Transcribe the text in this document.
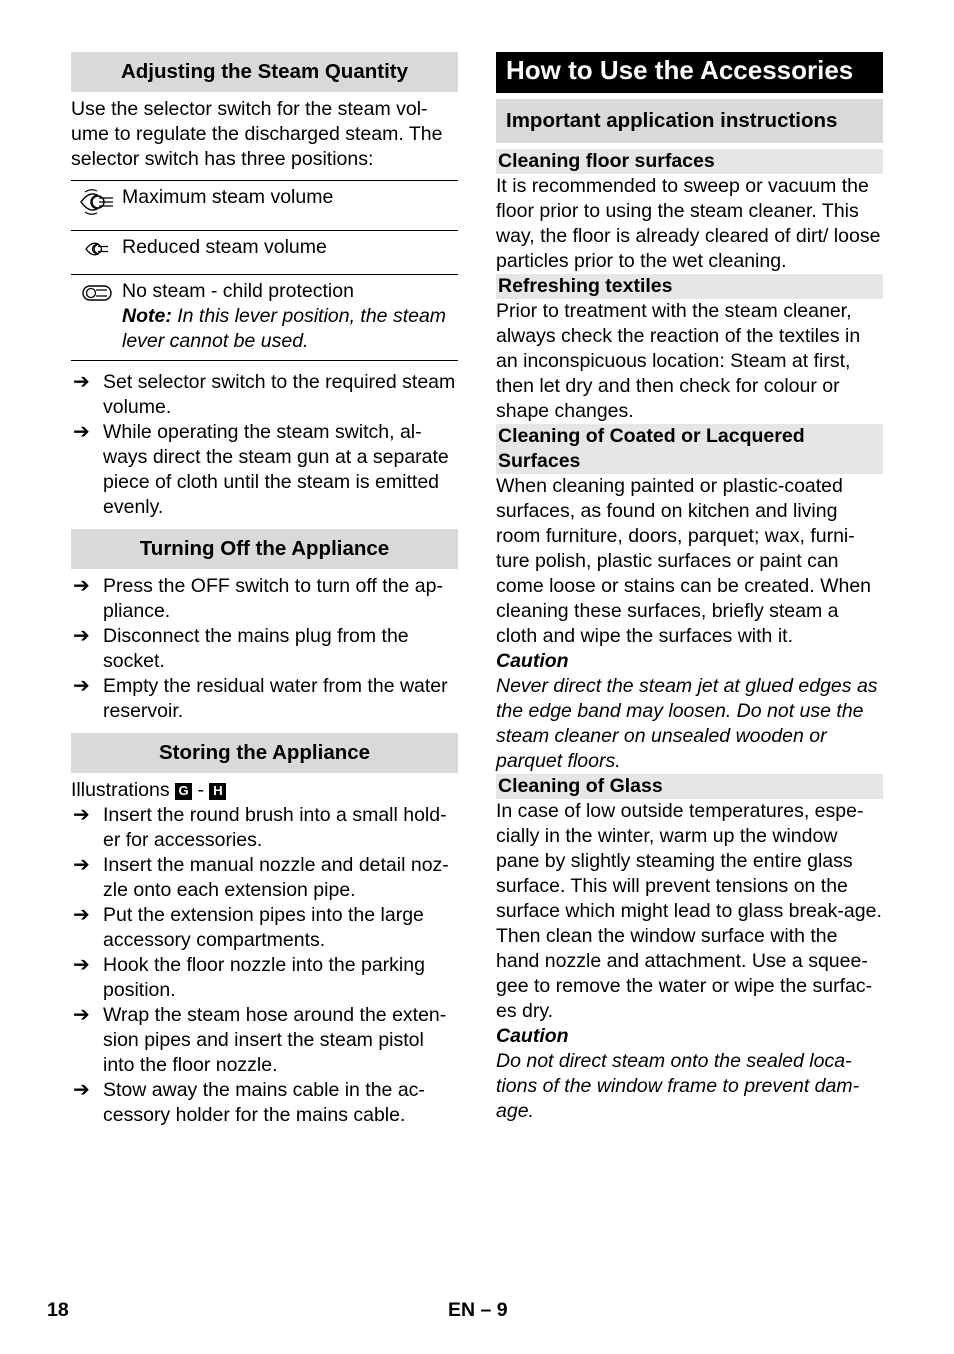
Adjusting the Steam Quantity

Use the selector switch for the steam vol-ume to regulate the discharged steam. The selector switch has three positions:

	Maximum steam volume
	Reduced steam volume

No steam - child protection
Note: In this lever position, the steam lever cannot be used.
➔ Set selector switch to the required steam volume.
➔ While operating the steam switch, al-ways direct the steam gun at a separate piece of cloth until the steam is emitted evenly.
Turning Off the Appliance
➔ Press the OFF switch to turn off the ap-pliance.
➔ Disconnect the mains plug from the socket.
➔ Empty the residual water from the water reservoir.
Storing the Appliance

Illustrations G - H

➔ Insert the round brush into a small hold-er for accessories.
➔ Insert the manual nozzle and detail noz-zle onto each extension pipe.
➔ Put the extension pipes into the large accessory compartments.
➔ Hook the floor nozzle into the parking position.
➔ Wrap the steam hose around the exten-sion pipes and insert the steam pistol into the floor nozzle.
➔ Stow away the mains cable in the ac-cessory holder for the mains cable.
How to Use the Accessories
Important application instructions
Cleaning floor surfaces

It is recommended to sweep or vacuum the floor prior to using the steam cleaner. This way, the floor is already cleared of dirt/ loose particles prior to the wet cleaning.

Refreshing textiles

Prior to treatment with the steam cleaner, always check the reaction of the textiles in an inconspicuous location: Steam at first, then let dry and then check for colour or shape changes.

Cleaning of Coated or Lacquered Surfaces

When cleaning painted or plastic-coated surfaces, as found on kitchen and living room furniture, doors, parquet; wax, furni-ture polish, plastic surfaces or paint can come loose or stains can be created. When cleaning these surfaces, briefly steam a cloth and wipe the surfaces with it.

Caution

Never direct the steam jet at glued edges as the edge band may loosen. Do not use the steam cleaner on unsealed wooden or parquet floors.

Cleaning of Glass

In case of low outside temperatures, espe-cially in the winter, warm up the window pane by slightly steaming the entire glass surface. This will prevent tensions on the surface which might lead to glass break-age.

Then clean the window surface with the hand nozzle and attachment. Use a squee-gee to remove the water or wipe the surfac-es dry.

Caution

Do not direct steam onto the sealed loca-tions of the window frame to prevent dam-age.

18	EN – 9
